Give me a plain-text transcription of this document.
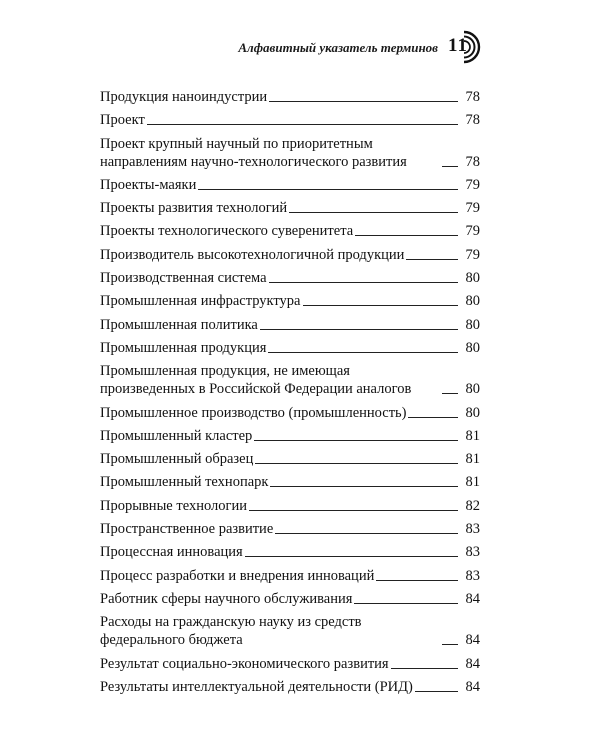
Алфавитный указатель терминов 11
Продукция наноиндустрии	78
Проект	78
Проект крупный научный по приоритетным направлениям научно-технологического развития	78
Проекты-маяки	79
Проекты развития технологий	79
Проекты технологического суверенитета	79
Производитель высокотехнологичной продукции	79
Производственная система	80
Промышленная инфраструктура	80
Промышленная политика	80
Промышленная продукция	80
Промышленная продукция, не имеющая произведенных в Российской Федерации аналогов	80
Промышленное производство (промышленность)	80
Промышленный кластер	81
Промышленный образец	81
Промышленный технопарк	81
Прорывные технологии	82
Пространственное развитие	83
Процессная инновация	83
Процесс разработки и внедрения инноваций	83
Работник сферы научного обслуживания	84
Расходы на гражданскую науку из средств федерального бюджета	84
Результат социально-экономического развития	84
Результаты интеллектуальной деятельности (РИД)	84
